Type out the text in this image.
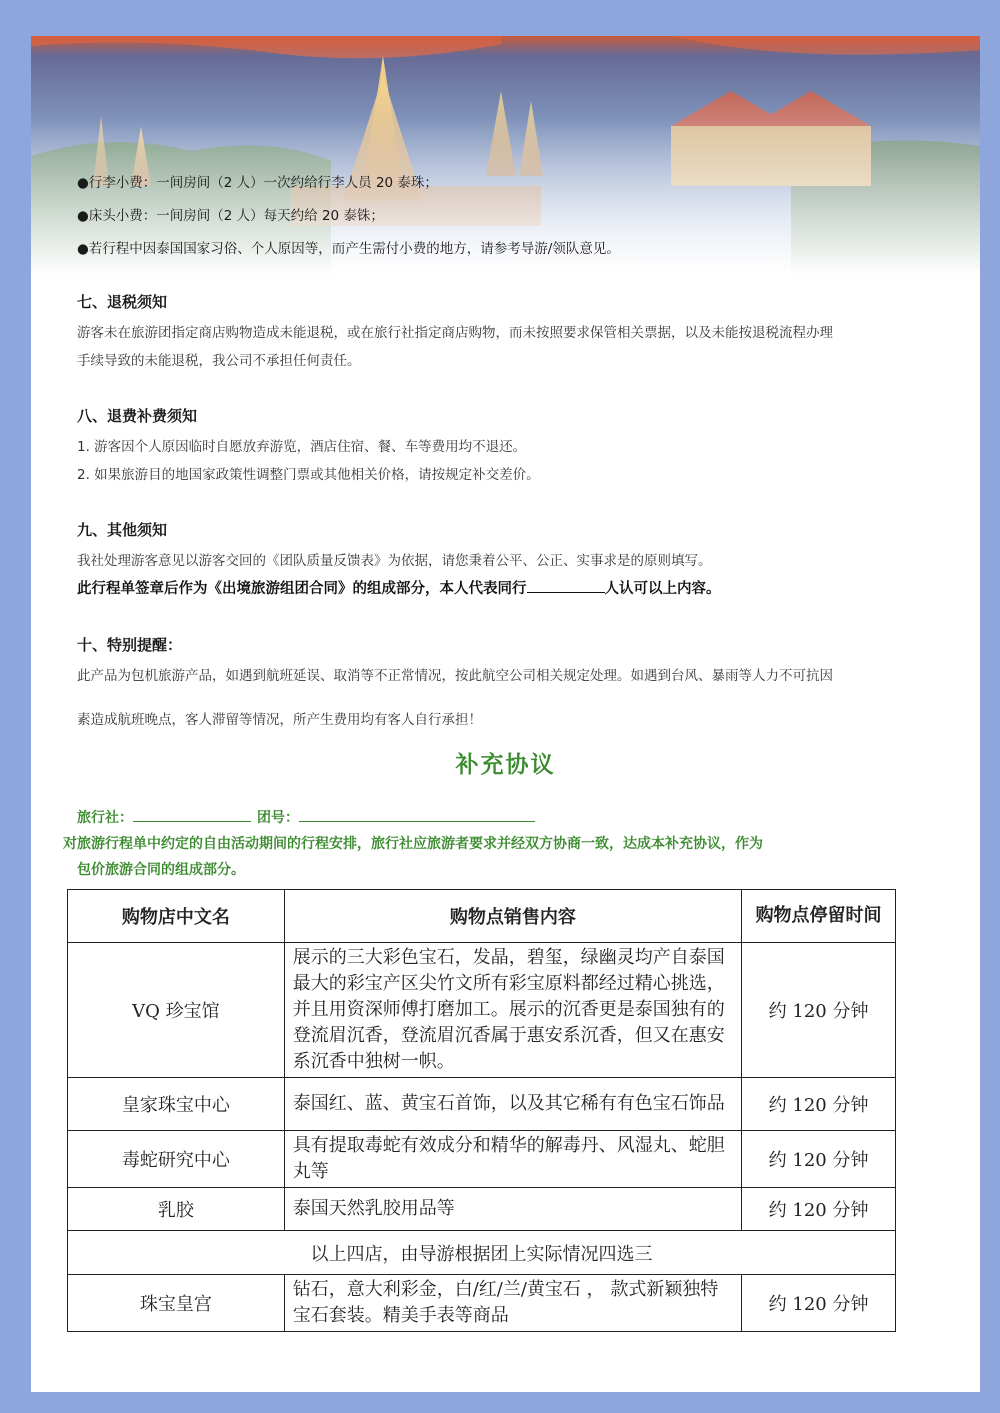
●行李小费：一间房间（2 人）一次约给行李人员 20 泰珠；
●床头小费：一间房间（2 人）每天约给 20 泰铢；
●若行程中因泰国国家习俗、个人原因等，而产生需付小费的地方，请参考导游/领队意见。
七、退税须知

游客未在旅游团指定商店购物造成未能退税，或在旅行社指定商店购物，而未按照要求保管相关票据，以及未能按退税流程办理

手续导致的未能退税，我公司不承担任何责任。

八、退费补费须知

1. 游客因个人原因临时自愿放弃游览，酒店住宿、餐、车等费用均不退还。

2. 如果旅游目的地国家政策性调整门票或其他相关价格，请按规定补交差价。

九、其他须知

我社处理游客意见以游客交回的《团队质量反馈表》为依据，请您秉着公平、公正、实事求是的原则填写。

此行程单签章后作为《出境旅游组团合同》的组成部分，本人代表同行	人认可以上内容。

十、特别提醒：

此产品为包机旅游产品，如遇到航班延误、取消等不正常情况，按此航空公司相关规定处理。如遇到台风、暴雨等人力不可抗因

素造成航班晚点，客人滞留等情况，所产生费用均有客人自行承担！

补充协议
旅行社：	团号：
对旅游行程单中约定的自由活动期间的行程安排，旅行社应旅游者要求并经双方协商一致，达成本补充协议，作为
包价旅游合同的组成部分。
购物店中文名	购物点销售内容	购物点停留时间
VQ 珍宝馆	展示的三大彩色宝石，发晶，碧玺，绿幽灵均产自泰国最大的彩宝产区尖竹文所有彩宝原料都经过精心挑选，并且用资深师傅打磨加工。展示的沉香更是泰国独有的登流眉沉香，登流眉沉香属于惠安系沉香，但又在惠安系沉香中独树一帜。	约 120 分钟
皇家珠宝中心	泰国红、蓝、黄宝石首饰，以及其它稀有有色宝石饰品	约 120 分钟
毒蛇研究中心	具有提取毒蛇有效成分和精华的解毒丹、风湿丸、蛇胆丸等	约 120 分钟
乳胶	泰国天然乳胶用品等	约 120 分钟
以上四店，由导游根据团上实际情况四选三		
珠宝皇宫	钻石，意大利彩金，白/红/兰/黄宝石 ， 款式新颖独特宝石套装。精美手表等商品	约 120 分钟
